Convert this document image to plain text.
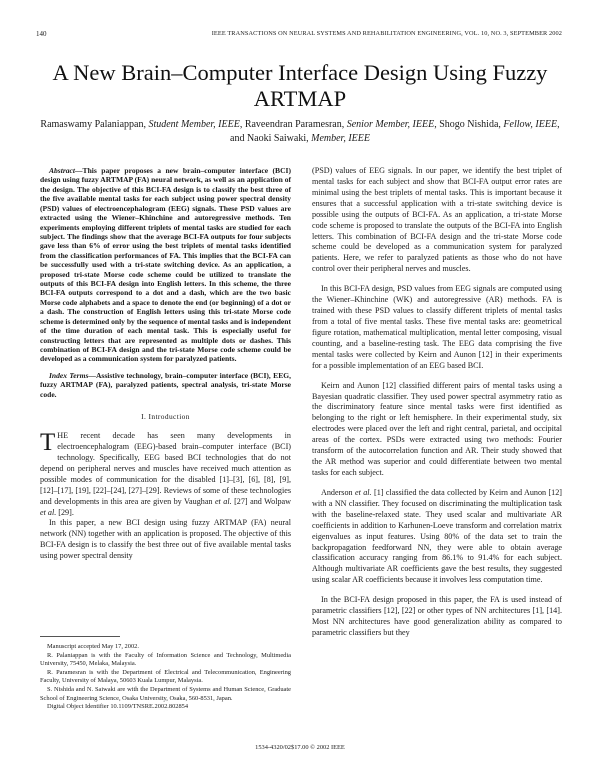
140	IEEE TRANSACTIONS ON NEURAL SYSTEMS AND REHABILITATION ENGINEERING, VOL. 10, NO. 3, SEPTEMBER 2002
A New Brain–Computer Interface Design Using Fuzzy ARTMAP
Ramaswamy Palaniappan, Student Member, IEEE, Raveendran Paramesran, Senior Member, IEEE, Shogo Nishida, Fellow, IEEE, and Naoki Saiwaki, Member, IEEE

Abstract—This paper proposes a new brain–computer interface (BCI) design using fuzzy ARTMAP (FA) neural network, as well as an application of the design. The objective of this BCI-FA design is to classify the best three of the five available mental tasks for each subject using power spectral density (PSD) values of electroencephalogram (EEG) signals. These PSD values are extracted using the Wiener–Khinchine and autoregressive methods. Ten experiments employing different triplets of mental tasks are studied for each subject. The findings show that the average BCI-FA outputs for four subjects gave less than 6% of error using the best triplets of mental tasks identified from the classification performances of FA. This implies that the BCI-FA can be successfully used with a tri-state switching device. As an application, a proposed tri-state Morse code scheme could be utilized to translate the outputs of this BCI-FA design into English letters. In this scheme, the three BCI-FA outputs correspond to a dot and a dash, which are the two basic Morse code alphabets and a space to denote the end (or beginning) of a dot or a dash. The construction of English letters using this tri-state Morse code scheme is determined only by the sequence of mental tasks and is independent of the time duration of each mental task. This is especially useful for constructing letters that are represented as multiple dots or dashes. This combination of BCI-FA design and the tri-state Morse code scheme could be developed as a communication system for paralyzed patients.

Index Terms—Assistive technology, brain–computer interface (BCI), EEG, fuzzy ARTMAP (FA), paralyzed patients, spectral analysis, tri-state Morse code.

I. Introduction

THE recent decade has seen many developments in electroencephalogram (EEG)-based brain–computer interface (BCI) technology. Specifically, EEG based BCI technologies that do not depend on peripheral nerves and muscles have received much attention as possible modes of communication for the disabled [1]–[3], [6], [8], [9], [12]–[17], [19], [22]–[24], [27]–[29]. Reviews of some of these technologies and developments in this area are given by Vaughan et al. [27] and Wolpaw et al. [29].

In this paper, a new BCI design using fuzzy ARTMAP (FA) neural network (NN) together with an application is proposed. The objective of this BCI-FA design is to classify the best three out of five available mental tasks using power spectral density

Manuscript accepted May 17, 2002.

R. Palaniappan is with the Faculty of Information Science and Technology, Multimedia University, 75450, Melaka, Malaysia.

R. Paramesran is with the Department of Electrical and Telecommunication, Engineering Faculty, University of Malaya, 50603 Kuala Lumpur, Malaysia.

S. Nishida and N. Saiwaki are with the Department of Systems and Human Science, Graduate School of Engineering Science, Osaka University, Osaka, 560-8531, Japan.

Digital Object Identifier 10.1109/TNSRE.2002.802854

(PSD) values of EEG signals. In our paper, we identify the best triplet of mental tasks for each subject and show that BCI-FA output error rates are minimal using the best triplets of mental tasks. This is important because it ensures that a successful application with a tri-state switching device is possible using the outputs of BCI-FA. As an application, a tri-state Morse code scheme is proposed to translate the outputs of the BCI-FA into English letters. This combination of BCI-FA design and the tri-state Morse code scheme could be developed as a communication system for paralyzed patients. Here, we refer to paralyzed patients as those who do not have control over their peripheral nerves and muscles.

In this BCI-FA design, PSD values from EEG signals are computed using the Wiener–Khinchine (WK) and autoregressive (AR) methods. FA is trained with these PSD values to classify different triplets of mental tasks from a total of five mental tasks. These five mental tasks are: geometrical figure rotation, mathematical multiplication, mental letter composing, visual counting, and a baseline-resting task. The EEG data comprising the five mental tasks were collected by Keirn and Aunon [12] in their experiments for a possible implementation of an EEG based BCI.

Keirn and Aunon [12] classified different pairs of mental tasks using a Bayesian quadratic classifier. They used power spectral asymmetry ratio as the discriminatory feature since mental tasks were first identified as belonging to the right or left hemisphere. In their experimental study, six electrodes were placed over the left and right central, parietal, and occipital areas of the cortex. PSDs were extracted using two methods: Fourier transform of the autocorrelation function and AR. Their study showed that the AR method was superior and could differentiate between two mental tasks for each subject.

Anderson et al. [1] classified the data collected by Keirn and Aunon [12] with a NN classifier. They focused on discriminating the multiplication task with the baseline-relaxed state. They used scalar and multivariate AR coefficients in addition to Karhunen-Loeve transform and correlation matrix eigenvalues as input features. Using 80% of the data set to train the backpropagation feedforward NN, they were able to obtain average classification accuracy ranging from 86.1% to 91.4% for each subject. Although multivariate AR coefficients gave the best results, they suggested using scalar AR coefficients because it involves less computation time.

In the BCI-FA design proposed in this paper, the FA is used instead of parametric classifiers [12], [22] or other types of NN architectures [1], [14]. Most NN architectures have good generalization ability as compared to parametric classifiers but they

1534-4320/02$17.00 © 2002 IEEE
